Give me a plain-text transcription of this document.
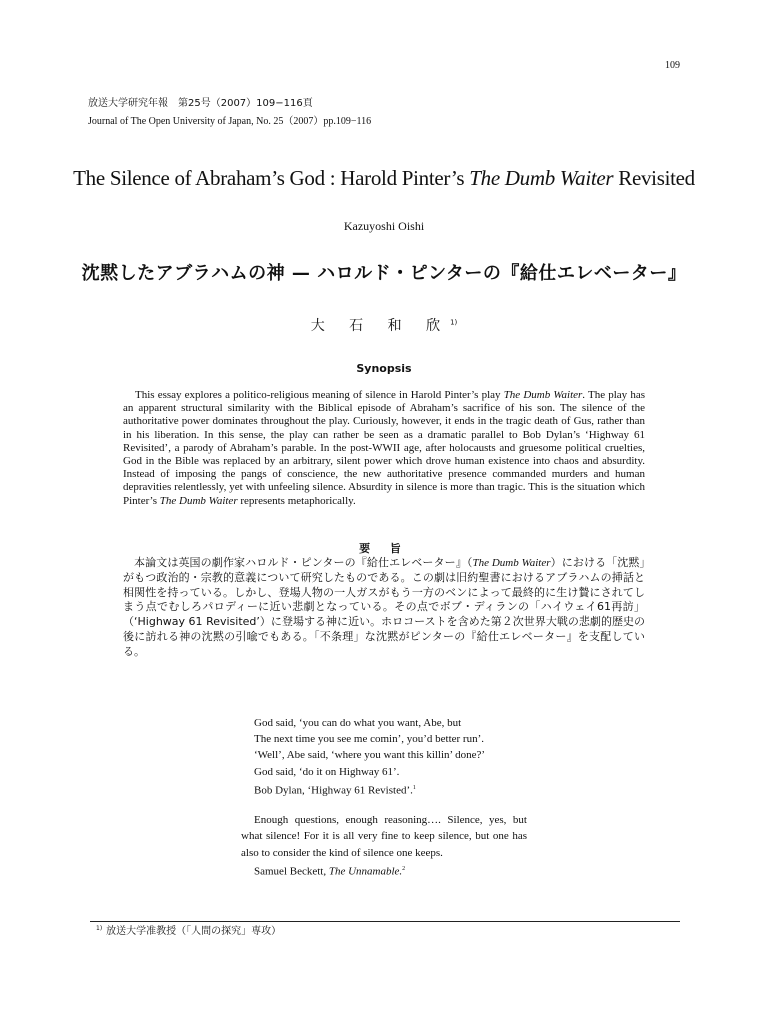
109
放送大学研究年報　第25号（2007）109−116頁
Journal of The Open University of Japan, No. 25（2007）pp.109−116
The Silence of Abraham’s God : Harold Pinter’s The Dumb Waiter Revisited
Kazuyoshi Oishi
沈黙したアブラハムの神 — ハロルド・ピンターの『給仕エレベーター』
大 石 和 欣$^{1)}$
Synopsis
This essay explores a politico-religious meaning of silence in Harold Pinter’s play The Dumb Waiter. The play has an apparent structural similarity with the Biblical episode of Abraham’s sacrifice of his son. The silence of the authoritative power dominates throughout the play. Curiously, however, it ends in the tragic death of Gus, rather than in his liberation. In this sense, the play can rather be seen as a dramatic parallel to Bob Dylan’s ‘Highway 61 Revisited’, a parody of Abraham’s parable. In the post-WWII age, after holocausts and gruesome political cruelties, God in the Bible was replaced by an arbitrary, silent power which drove human existence into chaos and absurdity. Instead of imposing the pangs of conscience, the new authoritative presence commanded murders and human depravities relentlessly, yet with unfeeling silence. Absurdity in silence is more than tragic. This is the situation which Pinter’s The Dumb Waiter represents metaphorically.
要 旨
本論文は英国の劇作家ハロルド・ピンターの『給仕エレベーター』（The Dumb Waiter）における「沈黙」がもつ政治的・宗教的意義について研究したものである。この劇は旧約聖書におけるアブラハムの挿話と相関性を持っている。しかし、登場人物の一人ガスがもう一方のベンによって最終的に生け贄にされてしまう点でむしろパロディーに近い悲劇となっている。その点でボブ・ディランの「ハイウェイ61再訪」（‘Highway 61 Revisited’）に登場する神に近い。ホロコーストを含めた第２次世界大戦の悲劇的歴史の後に訪れる神の沈黙の引喩でもある。「不条理」な沈黙がピンターの『給仕エレベーター』を支配している。
God said, ‘you can do what you want, Abe, but
The next time you see me comin’, you’d better run’.
‘Well’, Abe said, ‘where you want this killin’ done?’
God said, ‘do it on Highway 61’.
Bob Dylan, ‘Highway 61 Revisted’.$^1$
Enough questions, enough reasoning…. Silence, yes, but what silence! For it is all very fine to keep silence, but one has also to consider the kind of silence one keeps.
Samuel Beckett, The Unnamable.$^2$
$^{1)}$ 放送大学准教授（「人間の探究」専攻）
